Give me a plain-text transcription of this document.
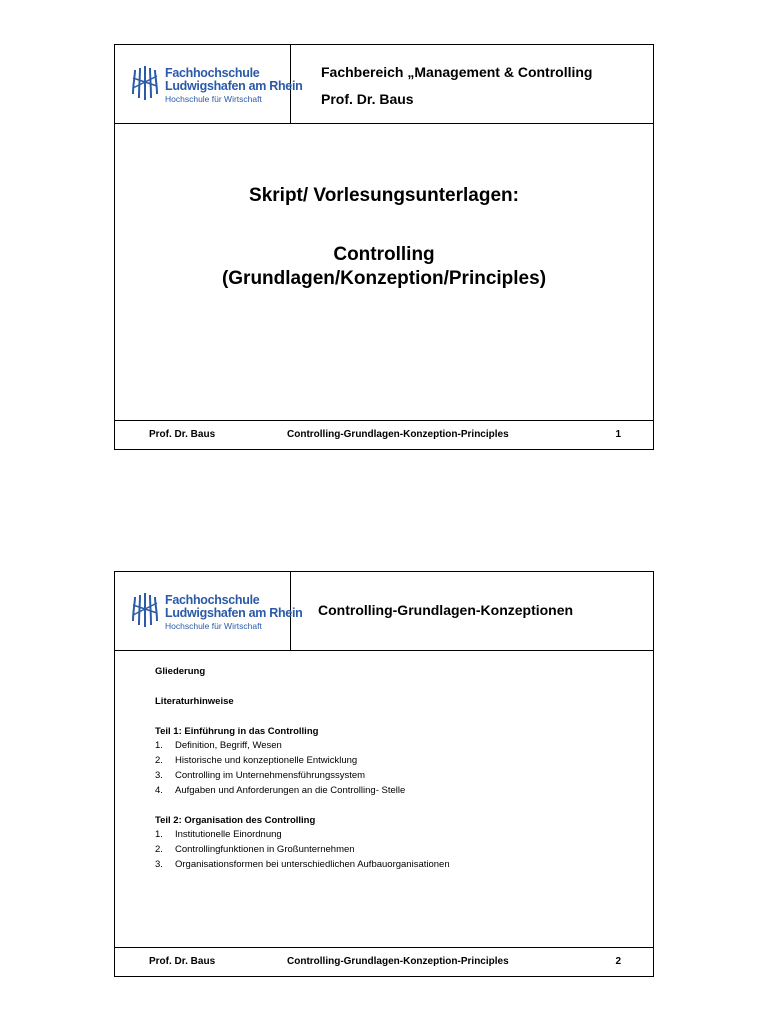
Fachhochschule
Ludwigshafen am Rhein
Hochschule für Wirtschaft
Fachbereich „Management & Controlling
Prof. Dr. Baus
Skript/ Vorlesungsunterlagen:
Controlling
(Grundlagen/Konzeption/Principles)
Prof. Dr. Baus	Controlling-Grundlagen-Konzeption-Principles	1
Fachhochschule
Ludwigshafen am Rhein
Hochschule für Wirtschaft
Controlling-Grundlagen-Konzeptionen
Gliederung
Literaturhinweise
Teil 1: Einführung in das Controlling
1. Definition, Begriff, Wesen
2. Historische und konzeptionelle Entwicklung
3. Controlling im Unternehmensführungssystem
4. Aufgaben und Anforderungen an die Controlling- Stelle
Teil 2: Organisation des Controlling
1. Institutionelle Einordnung
2. Controllingfunktionen in Großunternehmen
3. Organisationsformen bei unterschiedlichen Aufbauorganisationen
Prof. Dr. Baus	Controlling-Grundlagen-Konzeption-Principles	2
